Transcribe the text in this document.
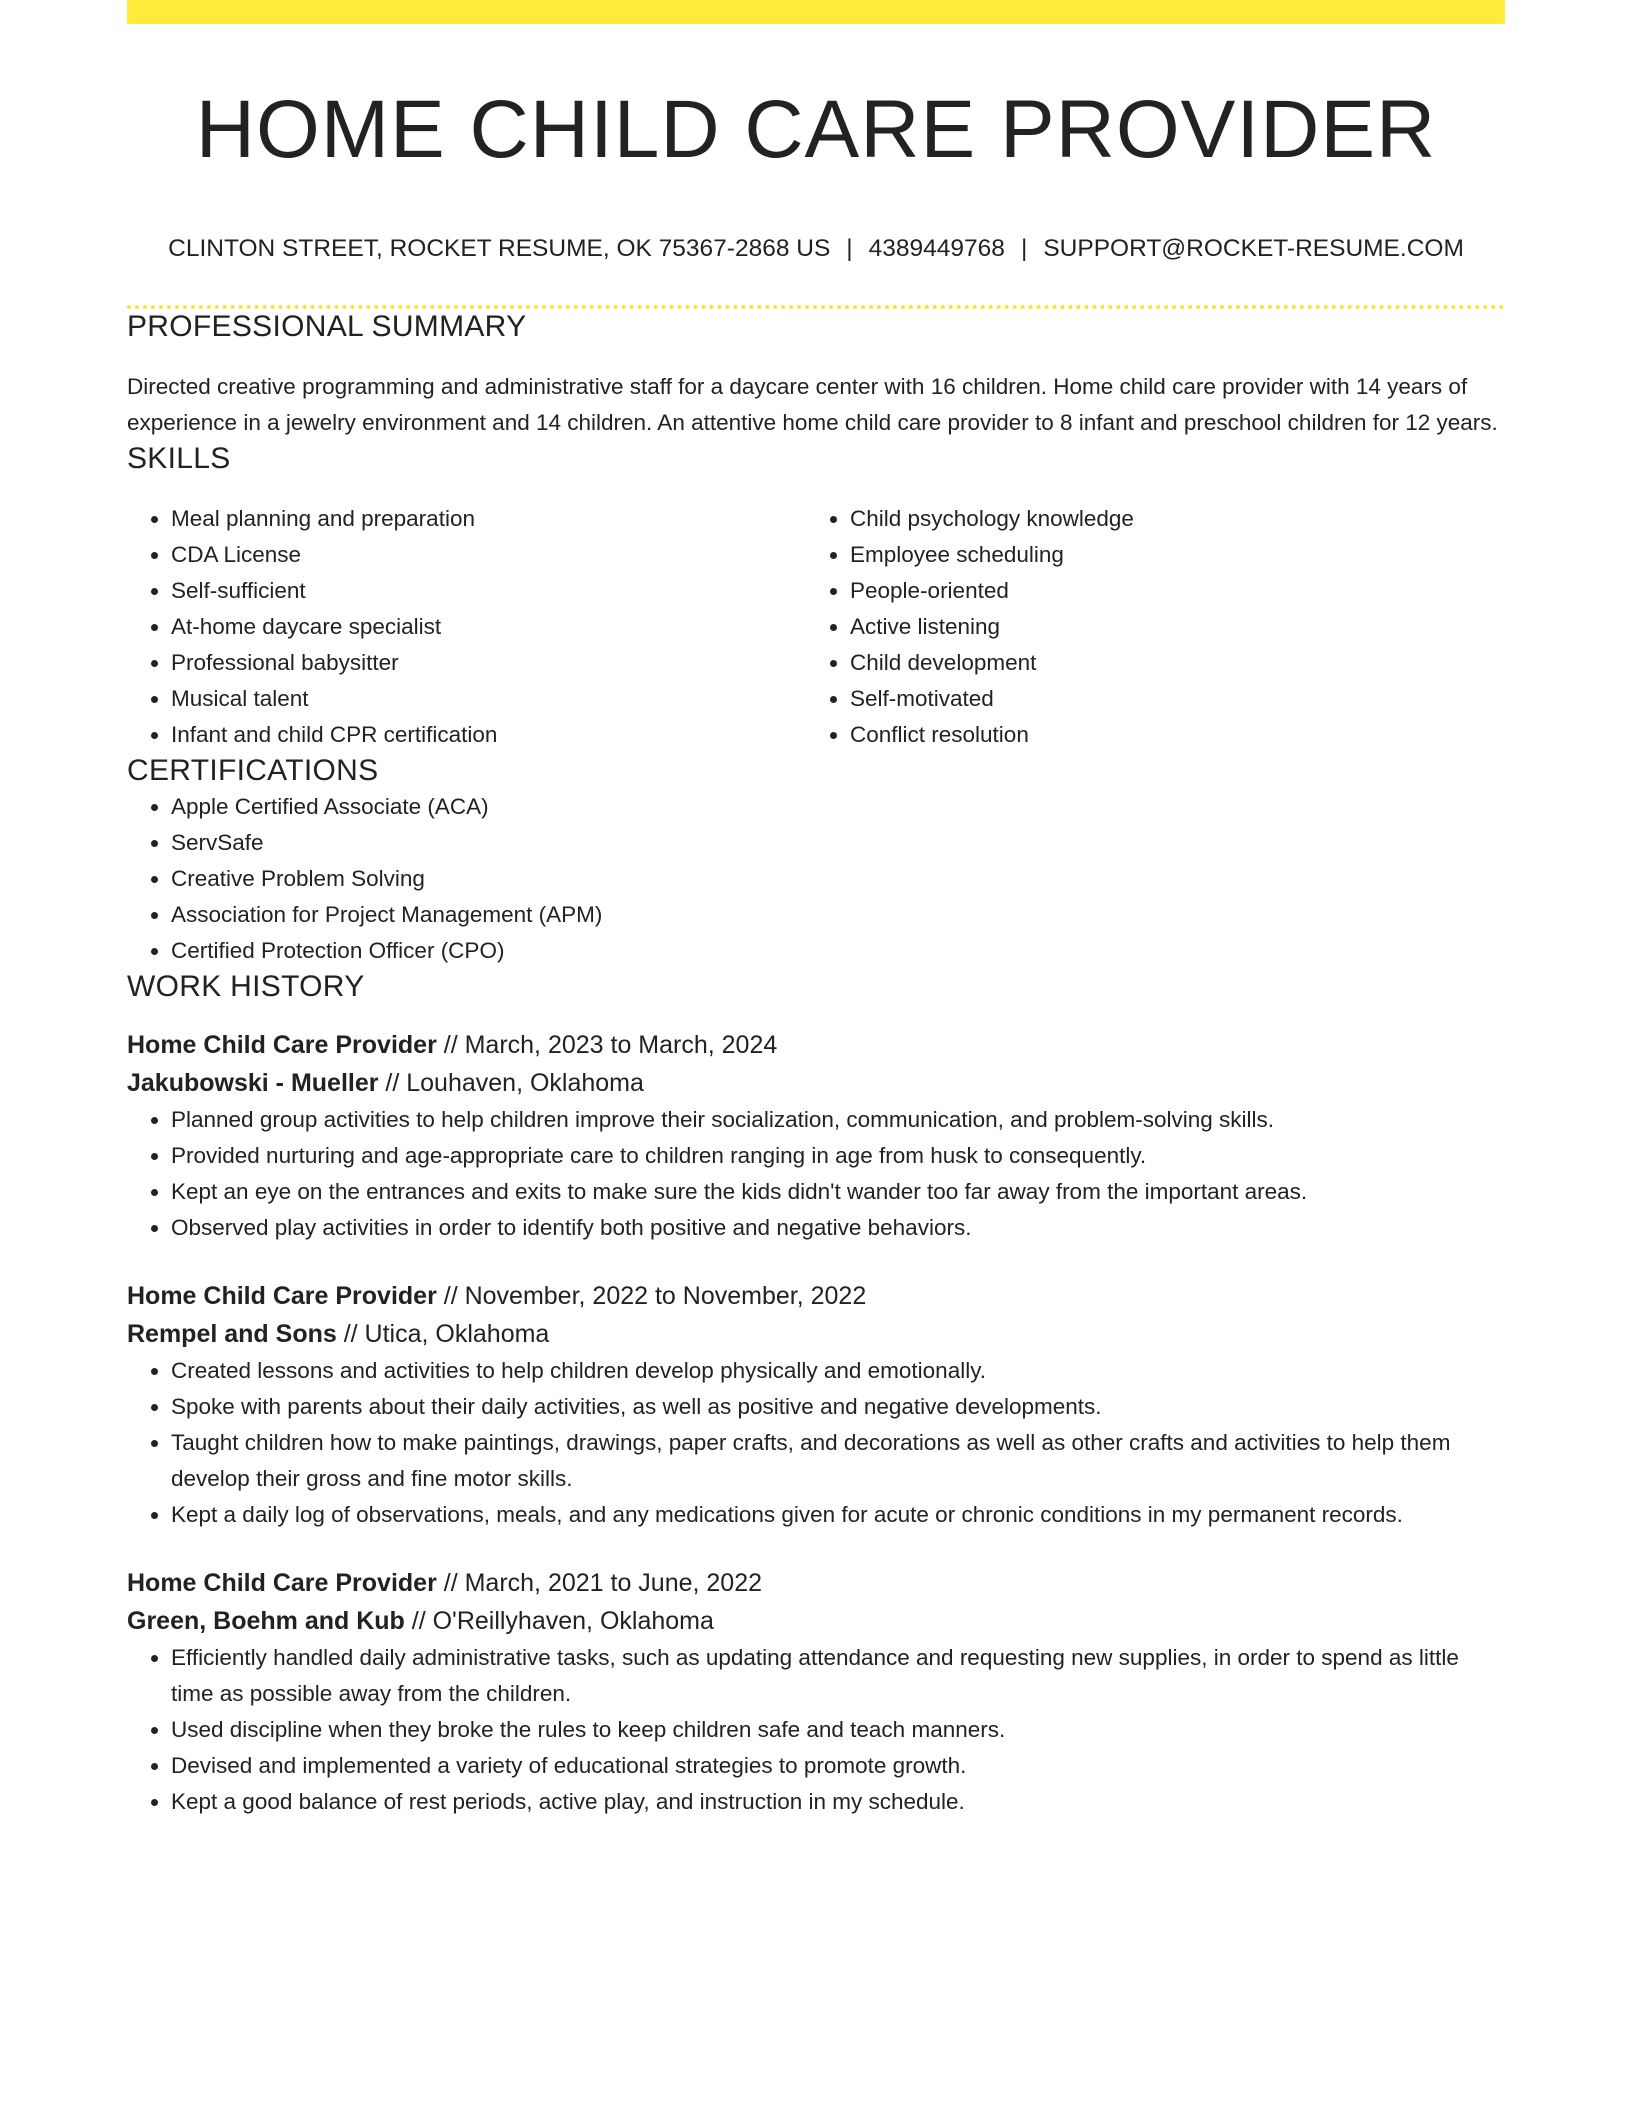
HOME CHILD CARE PROVIDER
CLINTON STREET, ROCKET RESUME, OK 75367-2868 US | 4389449768 | SUPPORT@ROCKET-RESUME.COM
PROFESSIONAL SUMMARY
Directed creative programming and administrative staff for a daycare center with 16 children. Home child care provider with 14 years of experience in a jewelry environment and 14 children. An attentive home child care provider to 8 infant and preschool children for 12 years.
SKILLS
• Meal planning and preparation
• CDA License
• Self-sufficient
• At-home daycare specialist
• Professional babysitter
• Musical talent
• Infant and child CPR certification
• Child psychology knowledge
• Employee scheduling
• People-oriented
• Active listening
• Child development
• Self-motivated
• Conflict resolution
CERTIFICATIONS
• Apple Certified Associate (ACA)
• ServSafe
• Creative Problem Solving
• Association for Project Management (APM)
• Certified Protection Officer (CPO)
WORK HISTORY
Home Child Care Provider // March, 2023 to March, 2024
Jakubowski - Mueller // Louhaven, Oklahoma
• Planned group activities to help children improve their socialization, communication, and problem-solving skills.
• Provided nurturing and age-appropriate care to children ranging in age from husk to consequently.
• Kept an eye on the entrances and exits to make sure the kids didn't wander too far away from the important areas.
• Observed play activities in order to identify both positive and negative behaviors.
Home Child Care Provider // November, 2022 to November, 2022
Rempel and Sons // Utica, Oklahoma
• Created lessons and activities to help children develop physically and emotionally.
• Spoke with parents about their daily activities, as well as positive and negative developments.
• Taught children how to make paintings, drawings, paper crafts, and decorations as well as other crafts and activities to help them develop their gross and fine motor skills.
• Kept a daily log of observations, meals, and any medications given for acute or chronic conditions in my permanent records.
Home Child Care Provider // March, 2021 to June, 2022
Green, Boehm and Kub // O'Reillyhaven, Oklahoma
• Efficiently handled daily administrative tasks, such as updating attendance and requesting new supplies, in order to spend as little time as possible away from the children.
• Used discipline when they broke the rules to keep children safe and teach manners.
• Devised and implemented a variety of educational strategies to promote growth.
• Kept a good balance of rest periods, active play, and instruction in my schedule.
